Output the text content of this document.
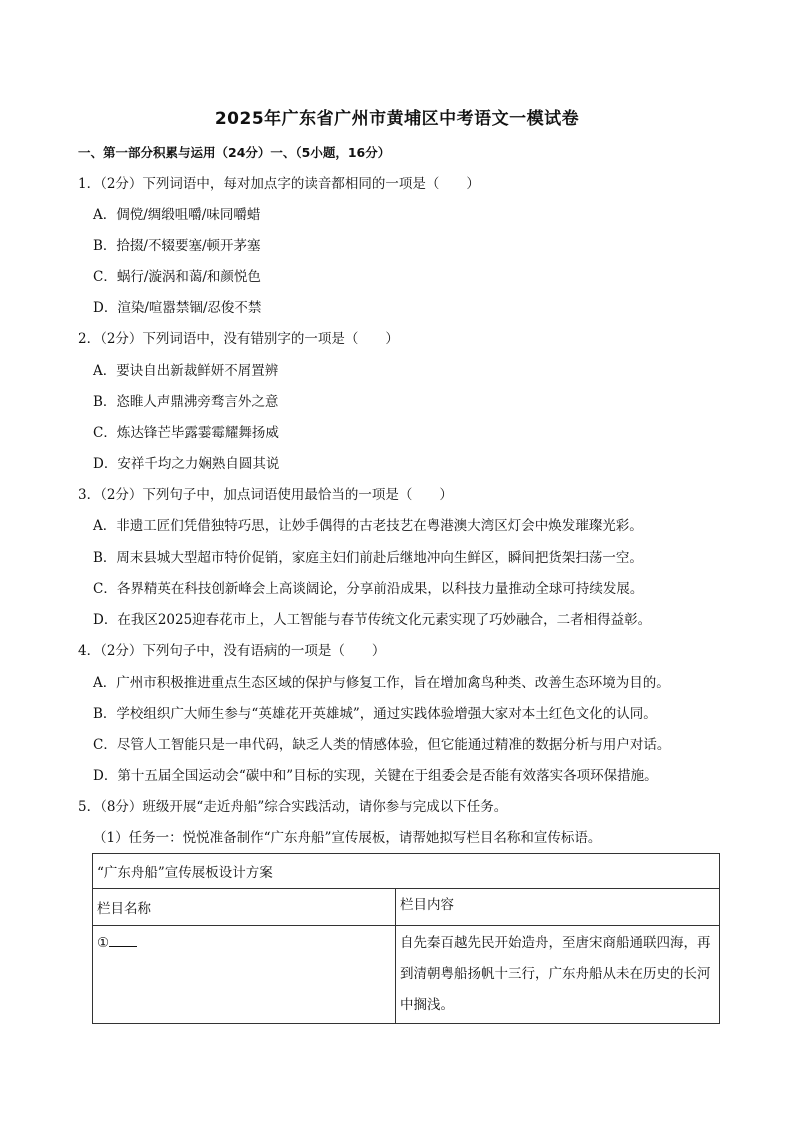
2025年广东省广州市黄埔区中考语文一模试卷
一、第一部分积累与运用（24分）一、（5小题，16分）
1．（2分）下列词语中，每对加点字的读音都相同的一项是（　　）
A．倜傥/绸缎咀嚼/味同嚼蜡
B．拾掇/不辍要塞/顿开茅塞
C．蜗行/漩涡和蔼/和颜悦色
D．渲染/喧嚣禁锢/忍俊不禁
2．（2分）下列词语中，没有错别字的一项是（　　）
A．要诀自出新裁鲜妍不屑置辨
B．恣睢人声鼎沸旁骛言外之意
C．炼达锋芒毕露霎霉耀舞扬威
D．安祥千均之力娴熟自圆其说
3．（2分）下列句子中，加点词语使用最恰当的一项是（　　）
A．非遗工匠们凭借独特巧思，让妙手偶得的古老技艺在粤港澳大湾区灯会中焕发璀璨光彩。
B．周末县城大型超市特价促销，家庭主妇们前赴后继地冲向生鲜区，瞬间把货架扫荡一空。
C．各界精英在科技创新峰会上高谈阔论，分享前沿成果，以科技力量推动全球可持续发展。
D．在我区2025迎春花市上，人工智能与春节传统文化元素实现了巧妙融合，二者相得益彰。
4．（2分）下列句子中，没有语病的一项是（　　）
A．广州市积极推进重点生态区域的保护与修复工作，旨在增加禽鸟种类、改善生态环境为目的。
B．学校组织广大师生参与“英雄花开英雄城”，通过实践体验增强大家对本土红色文化的认同。
C．尽管人工智能只是一串代码，缺乏人类的情感体验，但它能通过精准的数据分析与用户对话。
D．第十五届全国运动会“碳中和”目标的实现，关键在于组委会是否能有效落实各项环保措施。
5．（8分）班级开展“走近舟船”综合实践活动，请你参与完成以下任务。
（1）任务一：悦悦准备制作“广东舟船”宣传展板，请帮她拟写栏目名称和宣传标语。
“广东舟船”宣传展板设计方案	
栏目名称	栏目内容
①	自先秦百越先民开始造舟，至唐宋商船通联四海，再到清朝粤船扬帆十三行，广东舟船从未在历史的长河中搁浅。
